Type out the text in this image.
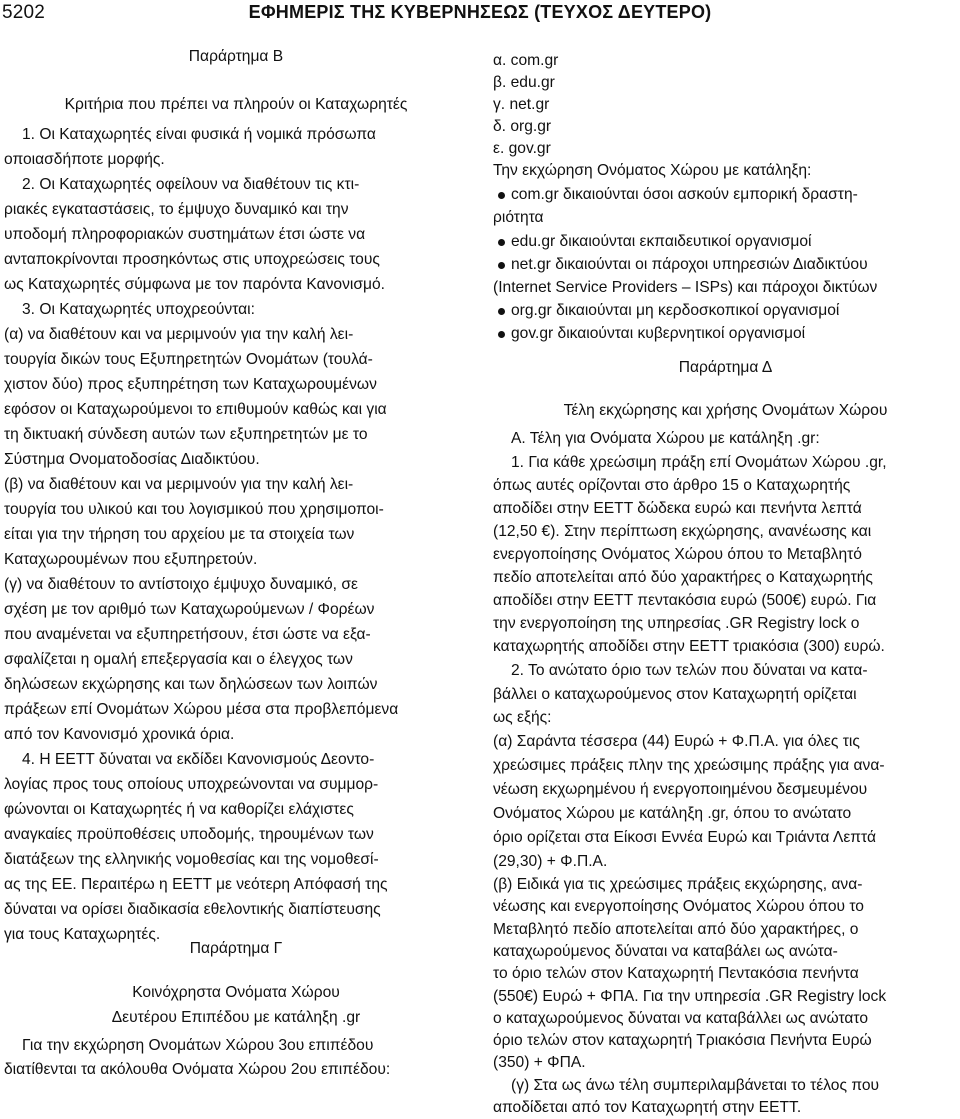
5202	ΕΦΗΜΕΡΙΣ ΤΗΣ ΚΥΒΕΡΝΗΣΕΩΣ (ΤΕΥΧΟΣ ΔΕΥΤΕΡΟ)
Παράρτημα Β
Κριτήρια που πρέπει να πληρούν οι Καταχωρητές
1. Οι Καταχωρητές είναι φυσικά ή νομικά πρόσωπα
οποιασδήποτε μορφής.
2. Οι Καταχωρητές οφείλουν να διαθέτουν τις κτι-
ριακές εγκαταστάσεις, το έμψυχο δυναμικό και την
υποδομή πληροφοριακών συστημάτων έτσι ώστε να
ανταποκρίνονται προσηκόντως στις υποχρεώσεις τους
ως Καταχωρητές σύμφωνα με τον παρόντα Κανονισμό.
3. Οι Καταχωρητές υποχρεούνται:
(α) να διαθέτουν και να μεριμνούν για την καλή λει-
τουργία δικών τους Εξυπηρετητών Ονομάτων (τουλά-
χιστον δύο) προς εξυπηρέτηση των Καταχωρουμένων
εφόσον οι Καταχωρούμενοι το επιθυμούν καθώς και για
τη δικτυακή σύνδεση αυτών των εξυπηρετητών με το
Σύστημα Ονοματοδοσίας Διαδικτύου.
(β) να διαθέτουν και να μεριμνούν για την καλή λει-
τουργία του υλικού και του λογισμικού που χρησιμοποι-
είται για την τήρηση του αρχείου με τα στοιχεία των
Καταχωρουμένων που εξυπηρετούν.
(γ) να διαθέτουν το αντίστοιχο έμψυχο δυναμικό, σε
σχέση με τον αριθμό των Καταχωρούμενων / Φορέων
που αναμένεται να εξυπηρετήσουν, έτσι ώστε να εξα-
σφαλίζεται η ομαλή επεξεργασία και ο έλεγχος των
δηλώσεων εκχώρησης και των δηλώσεων των λοιπών
πράξεων επί Ονομάτων Χώρου μέσα στα προβλεπόμενα
από τον Κανονισμό χρονικά όρια.
4. Η ΕΕΤΤ δύναται να εκδίδει Κανονισμούς Δεοντο-
λογίας προς τους οποίους υποχρεώνονται να συμμορ-
φώνονται οι Καταχωρητές ή να καθορίζει ελάχιστες
αναγκαίες προϋποθέσεις υποδομής, τηρουμένων των
διατάξεων της ελληνικής νομοθεσίας και της νομοθεσί-
ας της ΕΕ. Περαιτέρω η ΕΕΤΤ με νεότερη Απόφασή της
δύναται να ορίσει διαδικασία εθελοντικής διαπίστευσης
για τους Καταχωρητές.
Παράρτημα Γ
Κοινόχρηστα Ονόματα Χώρου
Δευτέρου Επιπέδου με κατάληξη .gr
Για την εκχώρηση Ονομάτων Χώρου 3ου επιπέδου
διατίθενται τα ακόλουθα Ονόματα Χώρου 2ου επιπέδου:
α. com.gr
β. edu.gr
γ. net.gr
δ. org.gr
ε. gov.gr
Την εκχώρηση Ονόματος Χώρου με κατάληξη:
com.gr δικαιούνται όσοι ασκούν εμπορική δραστη-
ριότητα
edu.gr δικαιούνται εκπαιδευτικοί οργανισμοί
net.gr δικαιούνται οι πάροχοι υπηρεσιών Διαδικτύου
(Internet Service Providers – ISPs) και πάροχοι δικτύων
org.gr δικαιούνται μη κερδοσκοπικοί οργανισμοί
gov.gr δικαιούνται κυβερνητικοί οργανισμοί
Παράρτημα Δ
Τέλη εκχώρησης και χρήσης Ονομάτων Χώρου
Α. Τέλη για Ονόματα Χώρου με κατάληξη .gr:
1. Για κάθε χρεώσιμη πράξη επί Ονομάτων Χώρου .gr,
όπως αυτές ορίζονται στο άρθρο 15 ο Καταχωρητής
αποδίδει στην ΕΕΤΤ δώδεκα ευρώ και πενήντα λεπτά
(12,50 €). Στην περίπτωση εκχώρησης, ανανέωσης και
ενεργοποίησης Ονόματος Χώρου όπου το Μεταβλητό
πεδίο αποτελείται από δύο χαρακτήρες ο Καταχωρητής
αποδίδει στην ΕΕΤΤ πεντακόσια ευρώ (500€) ευρώ. Για
την ενεργοποίηση της υπηρεσίας .GR Registry lock ο
καταχωρητής αποδίδει στην ΕΕΤΤ τριακόσια (300) ευρώ.
2. Το ανώτατο όριο των τελών που δύναται να κατα-
βάλλει ο καταχωρούμενος στον Καταχωρητή ορίζεται
ως εξής:
(α) Σαράντα τέσσερα (44) Ευρώ + Φ.Π.Α. για όλες τις
χρεώσιμες πράξεις πλην της χρεώσιμης πράξης για ανα-
νέωση εκχωρημένου ή ενεργοποιημένου δεσμευμένου
Ονόματος Χώρου με κατάληξη .gr, όπου το ανώτατο
όριο ορίζεται στα Είκοσι Εννέα Ευρώ και Τριάντα Λεπτά
(29,30) + Φ.Π.Α.
(β) Ειδικά για τις χρεώσιμες πράξεις εκχώρησης, ανα-
νέωσης και ενεργοποίησης Ονόματος Χώρου όπου το
Μεταβλητό πεδίο αποτελείται από δύο χαρακτήρες, ο
καταχωρούμενος δύναται να καταβάλει ως ανώτα-
το όριο τελών στον Καταχωρητή Πεντακόσια πενήντα
(550€) Ευρώ + ΦΠΑ. Για την υπηρεσία .GR Registry lock
ο καταχωρούμενος δύναται να καταβάλλει ως ανώτατο
όριο τελών στον καταχωρητή Τριακόσια Πενήντα Ευρώ
(350) + ΦΠΑ.
(γ) Στα ως άνω τέλη συμπεριλαμβάνεται το τέλος που
αποδίδεται από τον Καταχωρητή στην ΕΕΤΤ.
